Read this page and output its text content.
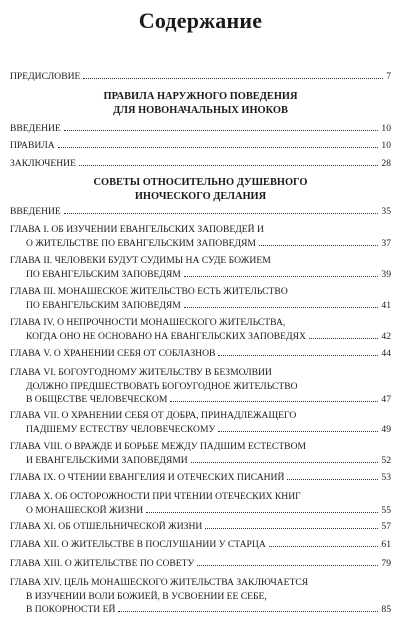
Содержание
ПРЕДИСЛОВИЕ	7
ПРАВИЛА НАРУЖНОГО ПОВЕДЕНИЯ
ДЛЯ НОВОНАЧАЛЬНЫХ ИНОКОВ
ВВЕДЕНИЕ	10
ПРАВИЛА	10
ЗАКЛЮЧЕНИЕ	28
СОВЕТЫ ОТНОСИТЕЛЬНО ДУШЕВНОГО
ИНОЧЕСКОГО ДЕЛАНИЯ
ВВЕДЕНИЕ	35
ГЛАВА I. ОБ ИЗУЧЕНИИ ЕВАНГЕЛЬСКИХ ЗАПОВЕДЕЙ И
О ЖИТЕЛЬСТВЕ ПО ЕВАНГЕЛЬСКИМ ЗАПОВЕДЯМ	37
ГЛАВА II. ЧЕЛОВЕКИ БУДУТ СУДИМЫ НА СУДЕ БОЖИЕМ
ПО ЕВАНГЕЛЬСКИМ ЗАПОВЕДЯМ	39
ГЛАВА III. МОНАШЕСКОЕ ЖИТЕЛЬСТВО ЕСТЬ ЖИТЕЛЬСТВО
ПО ЕВАНГЕЛЬСКИМ ЗАПОВЕДЯМ	41
ГЛАВА IV. О НЕПРОЧНОСТИ МОНАШЕСКОГО ЖИТЕЛЬСТВА,
КОГДА ОНО НЕ ОСНОВАНО НА ЕВАНГЕЛЬСКИХ ЗАПОВЕДЯХ	42
ГЛАВА V. О ХРАНЕНИИ СЕБЯ ОТ СОБЛАЗНОВ	44
ГЛАВА VI. БОГОУГОДНОМУ ЖИТЕЛЬСТВУ В БЕЗМОЛВИИ
ДОЛЖНО ПРЕДШЕСТВОВАТЬ БОГОУГОДНОЕ ЖИТЕЛЬСТВО
В ОБЩЕСТВЕ ЧЕЛОВЕЧЕСКОМ	47
ГЛАВА VII. О ХРАНЕНИИ СЕБЯ ОТ ДОБРА, ПРИНАДЛЕЖАЩЕГО
ПАДШЕМУ ЕСТЕСТВУ ЧЕЛОВЕЧЕСКОМУ	49
ГЛАВА VIII. О ВРАЖДЕ И БОРЬБЕ МЕЖДУ ПАДШИМ ЕСТЕСТВОМ
И ЕВАНГЕЛЬСКИМИ ЗАПОВЕДЯМИ	52
ГЛАВА IX. О ЧТЕНИИ ЕВАНГЕЛИЯ И ОТЕЧЕСКИХ ПИСАНИЙ	53
ГЛАВА X. ОБ ОСТОРОЖНОСТИ ПРИ ЧТЕНИИ ОТЕЧЕСКИХ КНИГ
О МОНАШЕСКОЙ ЖИЗНИ	55
ГЛАВА XI. ОБ ОТШЕЛЬНИЧЕСКОЙ ЖИЗНИ	57
ГЛАВА XII. О ЖИТЕЛЬСТВЕ В ПОСЛУШАНИИ У СТАРЦА	61
ГЛАВА XIII. О ЖИТЕЛЬСТВЕ ПО СОВЕТУ	79
ГЛАВА XIV. ЦЕЛЬ МОНАШЕСКОГО ЖИТЕЛЬСТВА ЗАКЛЮЧАЕТСЯ
В ИЗУЧЕНИИ ВОЛИ БОЖИЕЙ, В УСВОЕНИИ ЕЕ СЕБЕ,
В ПОКОРНОСТИ ЕЙ	85
